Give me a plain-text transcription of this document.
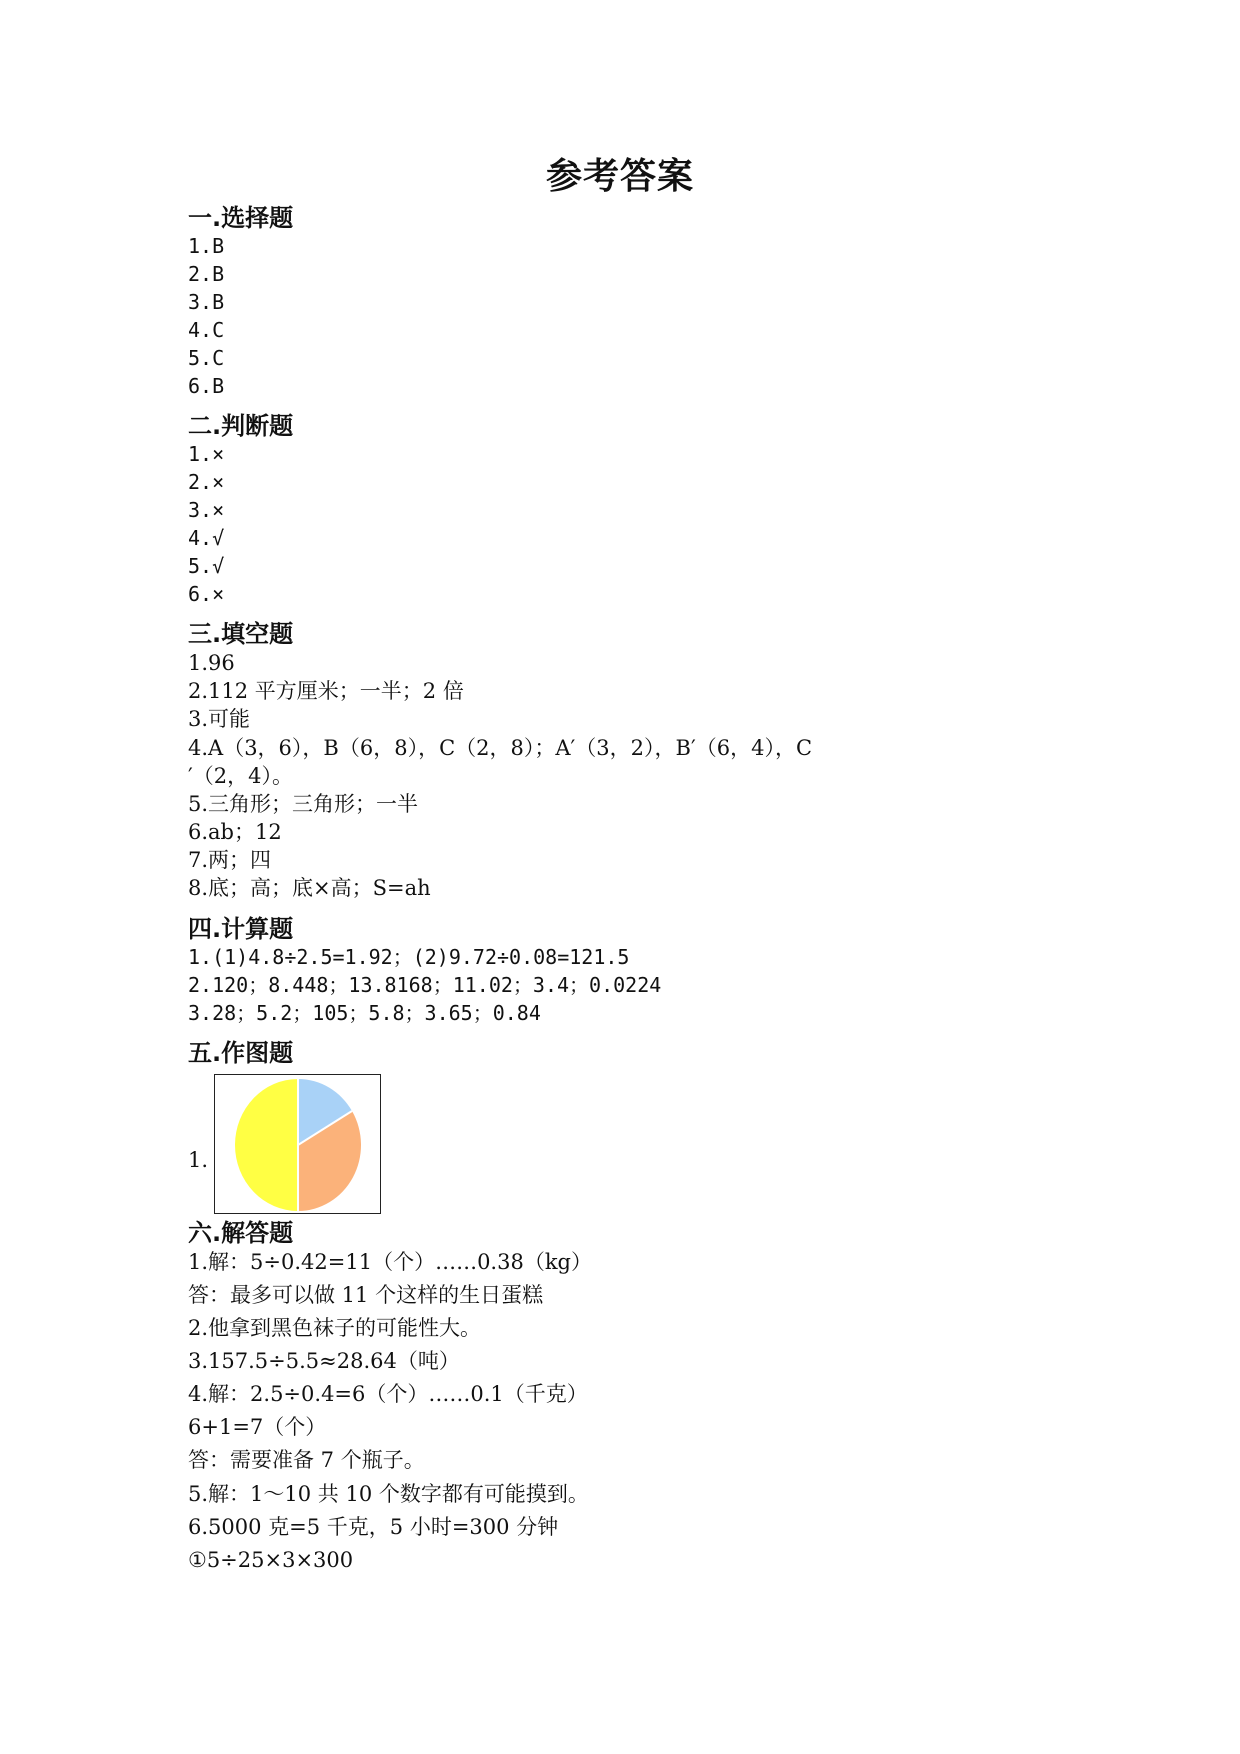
参考答案
一.选择题
1.B
2.B
3.B
4.C
5.C
6.B
二.判断题
1.×
2.×
3.×
4.√
5.√
6.×
三.填空题
1.96
2.112 平方厘米；一半；2 倍
3.可能
4.A（3，6），B（6，8），C（2，8）；A′（3，2），B′（6，4），C
′（2，4）。
5.三角形；三角形；一半
6.ab；12
7.两；四
8.底；高；底×高；S=ah
四.计算题
1.(1)4.8÷2.5=1.92；(2)9.72÷0.08=121.5
2.120；8.448；13.8168；11.02；3.4；0.0224
3.28；5.2；105；5.8；3.65；0.84
五.作图题
1.
六.解答题
1.解：5÷0.42=11（个）……0.38（kg）
答：最多可以做 11 个这样的生日蛋糕
2.他拿到黑色袜子的可能性大。
3.157.5÷5.5≈28.64（吨）
4.解：2.5÷0.4=6（个）……0.1（千克）
6+1=7（个）
答：需要准备 7 个瓶子。
5.解：1～10 共 10 个数字都有可能摸到。
6.5000 克=5 千克，5 小时=300 分钟
①5÷25×3×300
